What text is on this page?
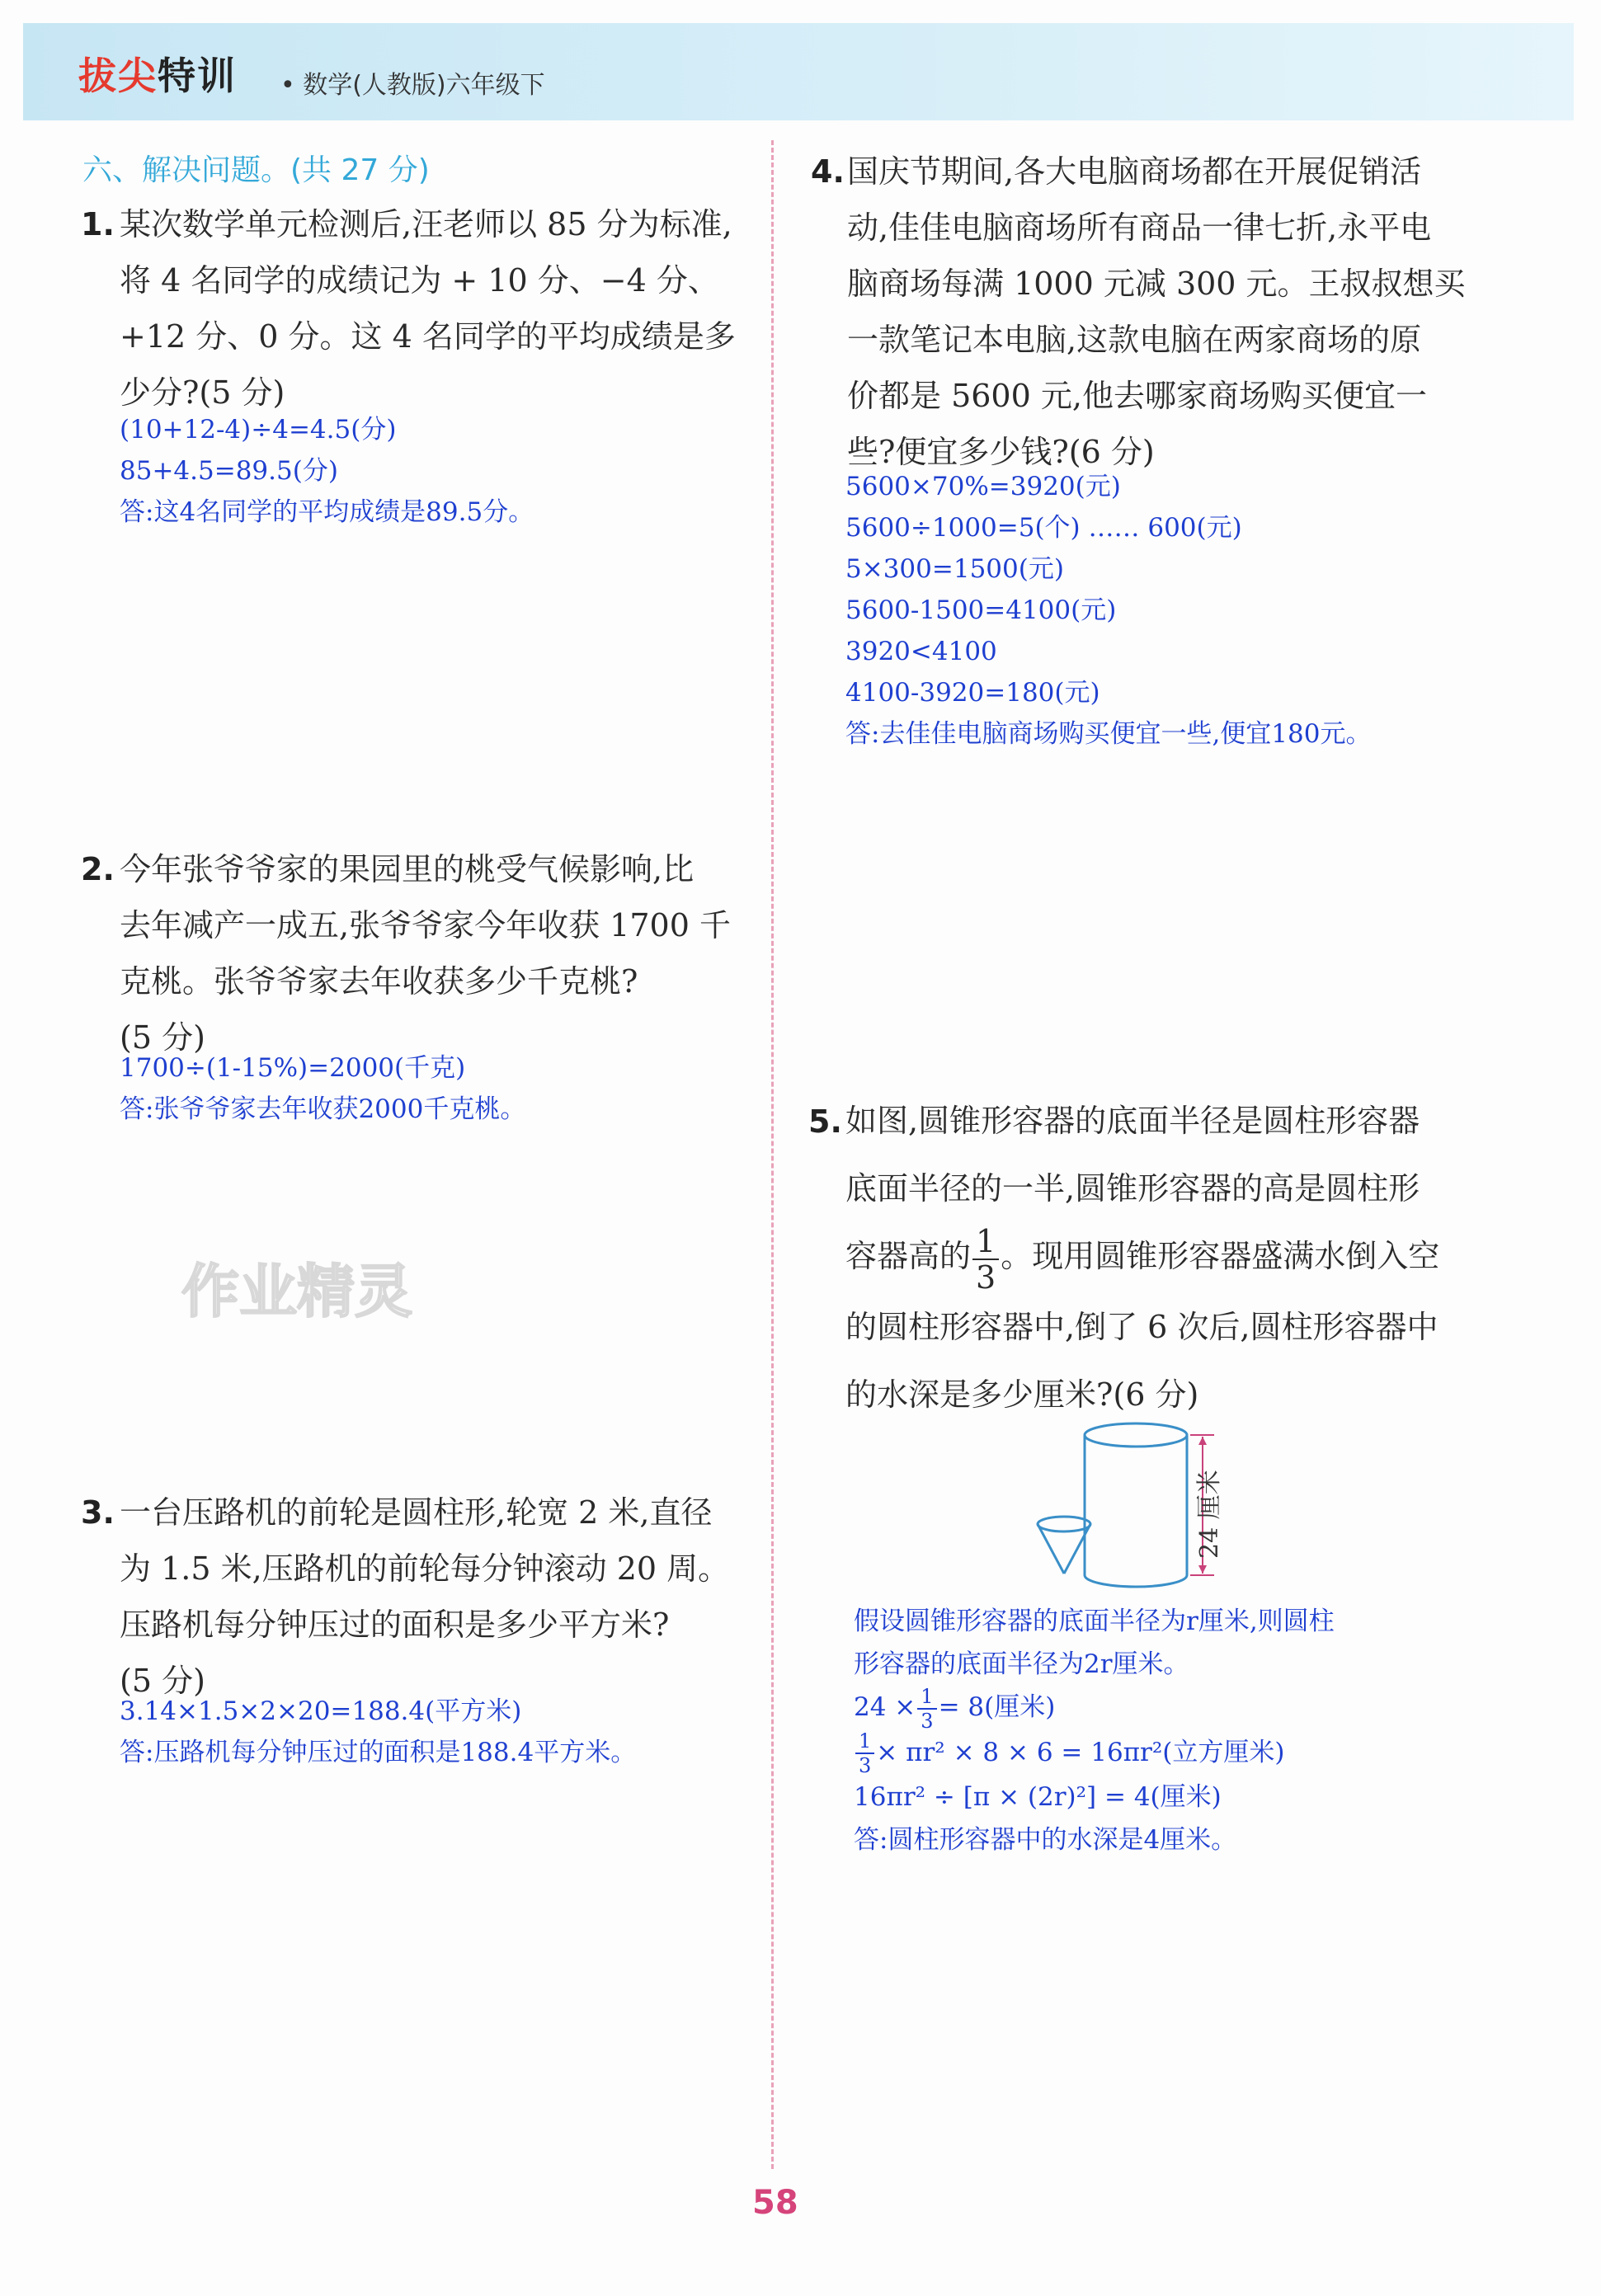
拔尖特训 • 数学(人教版)六年级下
六、解决问题。(共 27 分)
1. 某次数学单元检测后,汪老师以 85 分为标准,
将 4 名同学的成绩记为 + 10 分、−4 分、
+12 分、0 分。这 4 名同学的平均成绩是多
少分?(5 分)
(10+12-4)÷4=4.5(分)
85+4.5=89.5(分)
答:这4名同学的平均成绩是89.5分。
2. 今年张爷爷家的果园里的桃受气候影响,比
去年减产一成五,张爷爷家今年收获 1700 千
克桃。张爷爷家去年收获多少千克桃?
(5 分)
1700÷(1-15%)=2000(千克)
答:张爷爷家去年收获2000千克桃。
作业精灵
3. 一台压路机的前轮是圆柱形,轮宽 2 米,直径
为 1.5 米,压路机的前轮每分钟滚动 20 周。
压路机每分钟压过的面积是多少平方米?
(5 分)
3.14×1.5×2×20=188.4(平方米)
答:压路机每分钟压过的面积是188.4平方米。
4. 国庆节期间,各大电脑商场都在开展促销活
动,佳佳电脑商场所有商品一律七折,永平电
脑商场每满 1000 元减 300 元。王叔叔想买
一款笔记本电脑,这款电脑在两家商场的原
价都是 5600 元,他去哪家商场购买便宜一
些?便宜多少钱?(6 分)
5600×70%=3920(元)
5600÷1000=5(个) …… 600(元)
5×300=1500(元)
5600-1500=4100(元)
3920<4100
4100-3920=180(元)
答:去佳佳电脑商场购买便宜一些,便宜180元。
5. 如图,圆锥形容器的底面半径是圆柱形容器
底面半径的一半,圆锥形容器的高是圆柱形
容器高的 $\frac{1}{3}$ 。现用圆锥形容器盛满水倒入空
的圆柱形容器中,倒了 6 次后,圆柱形容器中
的水深是多少厘米?(6 分)
24 厘米
假设圆锥形容器的底面半径为r厘米,则圆柱
形容器的底面半径为2r厘米。
$24 \times \frac{1}{3} = 8$(厘米)
$\frac{1}{3} \times \pi r^2 \times 8 \times 6 = 16\pi r^2$(立方厘米)
16πr² ÷ [π × (2r)²] = 4(厘米)
答:圆柱形容器中的水深是4厘米。
58
